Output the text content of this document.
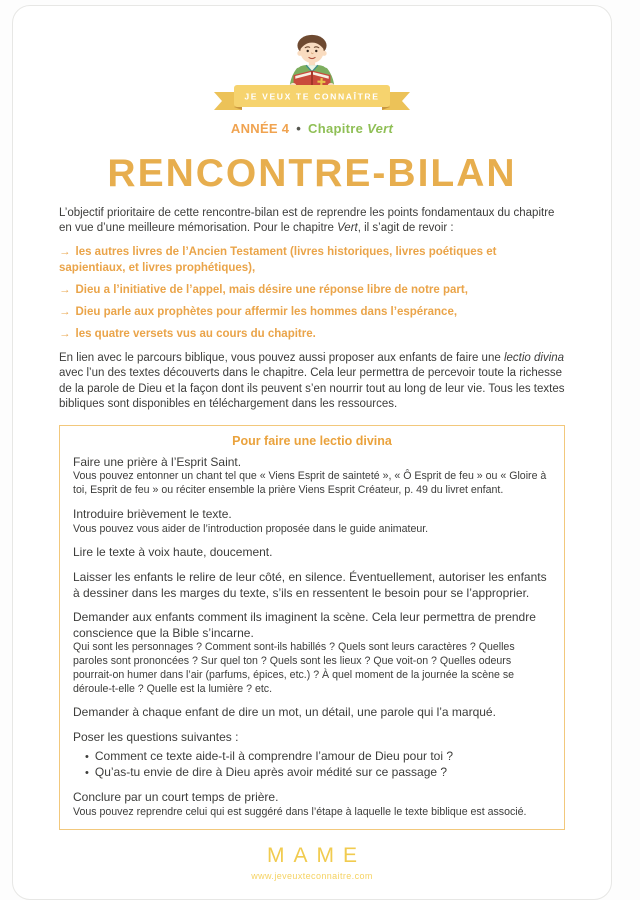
JE VEUX TE CONNAÎTRE
ANNÉE 4 • Chapitre Vert
RENCONTRE-BILAN

L’objectif prioritaire de cette rencontre-bilan est de reprendre les points fondamentaux du chapitre en vue d’une meilleure mémorisation. Pour le chapitre Vert, il s’agit de revoir :

→ les autres livres de l’Ancien Testament (livres historiques, livres poétiques et sapientiaux, et livres prophétiques),
→ Dieu a l’initiative de l’appel, mais désire une réponse libre de notre part,
→ Dieu parle aux prophètes pour affermir les hommes dans l’espérance,
→ les quatre versets vus au cours du chapitre.

En lien avec le parcours biblique, vous pouvez aussi proposer aux enfants de faire une lectio divina avec l’un des textes découverts dans le chapitre. Cela leur permettra de percevoir toute la richesse de la parole de Dieu et la façon dont ils peuvent s’en nourrir tout au long de leur vie. Tous les textes bibliques sont disponibles en téléchargement dans les ressources.

Pour faire une lectio divina
Faire une prière à l’Esprit Saint.
Vous pouvez entonner un chant tel que « Viens Esprit de sainteté », « Ô Esprit de feu » ou « Gloire à toi, Esprit de feu » ou réciter ensemble la prière Viens Esprit Créateur, p. 49 du livret enfant.
Introduire brièvement le texte.
Vous pouvez vous aider de l’introduction proposée dans le guide animateur.
Lire le texte à voix haute, doucement.
Laisser les enfants le relire de leur côté, en silence. Éventuellement, autoriser les enfants à dessiner dans les marges du texte, s’ils en ressentent le besoin pour se l’approprier.
Demander aux enfants comment ils imaginent la scène. Cela leur permettra de prendre conscience que la Bible s’incarne.
Qui sont les personnages ? Comment sont-ils habillés ? Quels sont leurs caractères ? Quelles paroles sont prononcées ? Sur quel ton ? Quels sont les lieux ? Que voit-on ? Quelles odeurs pourrait-on humer dans l’air (parfums, épices, etc.) ? À quel moment de la journée la scène se déroule-t-elle ? Quelle est la lumière ? etc.
Demander à chaque enfant de dire un mot, un détail, une parole qui l’a marqué.
Poser les questions suivantes :
• Comment ce texte aide-t-il à comprendre l’amour de Dieu pour toi ?
• Qu’as-tu envie de dire à Dieu après avoir médité sur ce passage ?
Conclure par un court temps de prière.
Vous pouvez reprendre celui qui est suggéré dans l’étape à laquelle le texte biblique est associé.
MAME
www.jeveuxteconnaitre.com
